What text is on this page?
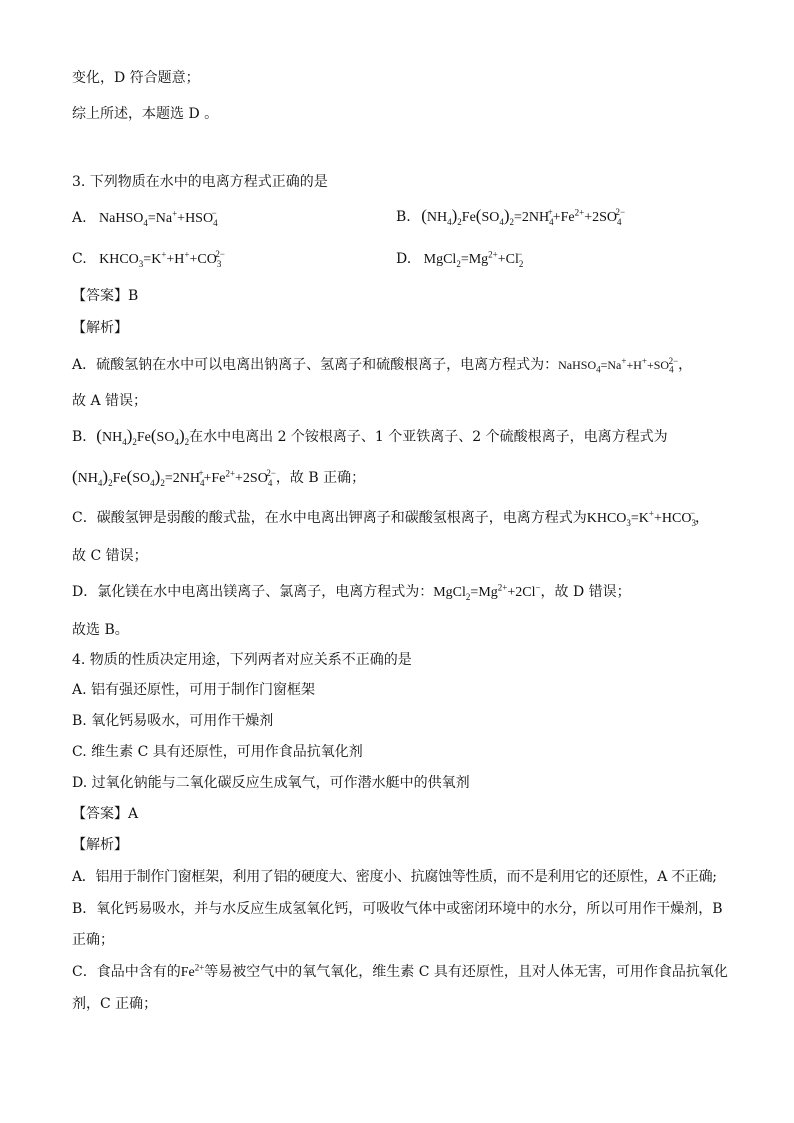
变化，D 符合题意；
综上所述，本题选 D 。
3. 下列物质在水中的电离方程式正确的是
A. $NaHSO_4=Na^++HSO_4^-$	B. $(NH_4)_2Fe(SO_4)_2=2NH_4^++Fe^{2+}+2SO_4^{2-}$
C. $KHCO_3=K^++H^++CO_3^{2-}$	D. $MgCl_2=Mg^{2+}+Cl_2^-$
【答案】B
【解析】
A．硫酸氢钠在水中可以电离出钠离子、氢离子和硫酸根离子，电离方程式为：$NaHSO_4=Na^++H^++SO_4^{2-}$，
故 A 错误；
B．$(NH_4)_2Fe(SO_4)_2$在水中电离出 2 个铵根离子、1 个亚铁离子、2 个硫酸根离子，电离方程式为
$(NH_4)_2Fe(SO_4)_2=2NH_4^++Fe^{2+}+2SO_4^{2-}$，故 B 正确；
C．碳酸氢钾是弱酸的酸式盐，在水中电离出钾离子和碳酸氢根离子，电离方程式为$KHCO_3=K^++HCO_3^-$，
故 C 错误；
D．氯化镁在水中电离出镁离子、氯离子，电离方程式为：$MgCl_2=Mg^{2+}+2Cl^-$，故 D 错误；
故选 B。
4. 物质的性质决定用途，下列两者对应关系不正确的是
A. 铝有强还原性，可用于制作门窗框架
B. 氧化钙易吸水，可用作干燥剂
C. 维生素 C 具有还原性，可用作食品抗氧化剂
D. 过氧化钠能与二氧化碳反应生成氧气，可作潜水艇中的供氧剂
【答案】A
【解析】
A．铝用于制作门窗框架，利用了铝的硬度大、密度小、抗腐蚀等性质，而不是利用它的还原性，A 不正确;
B．氧化钙易吸水，并与水反应生成氢氧化钙，可吸收气体中或密闭环境中的水分，所以可用作干燥剂，B
正确；
C．食品中含有的$Fe^{2+}$等易被空气中的氧气氧化，维生素 C 具有还原性，且对人体无害，可用作食品抗氧化
剂，C 正确；
